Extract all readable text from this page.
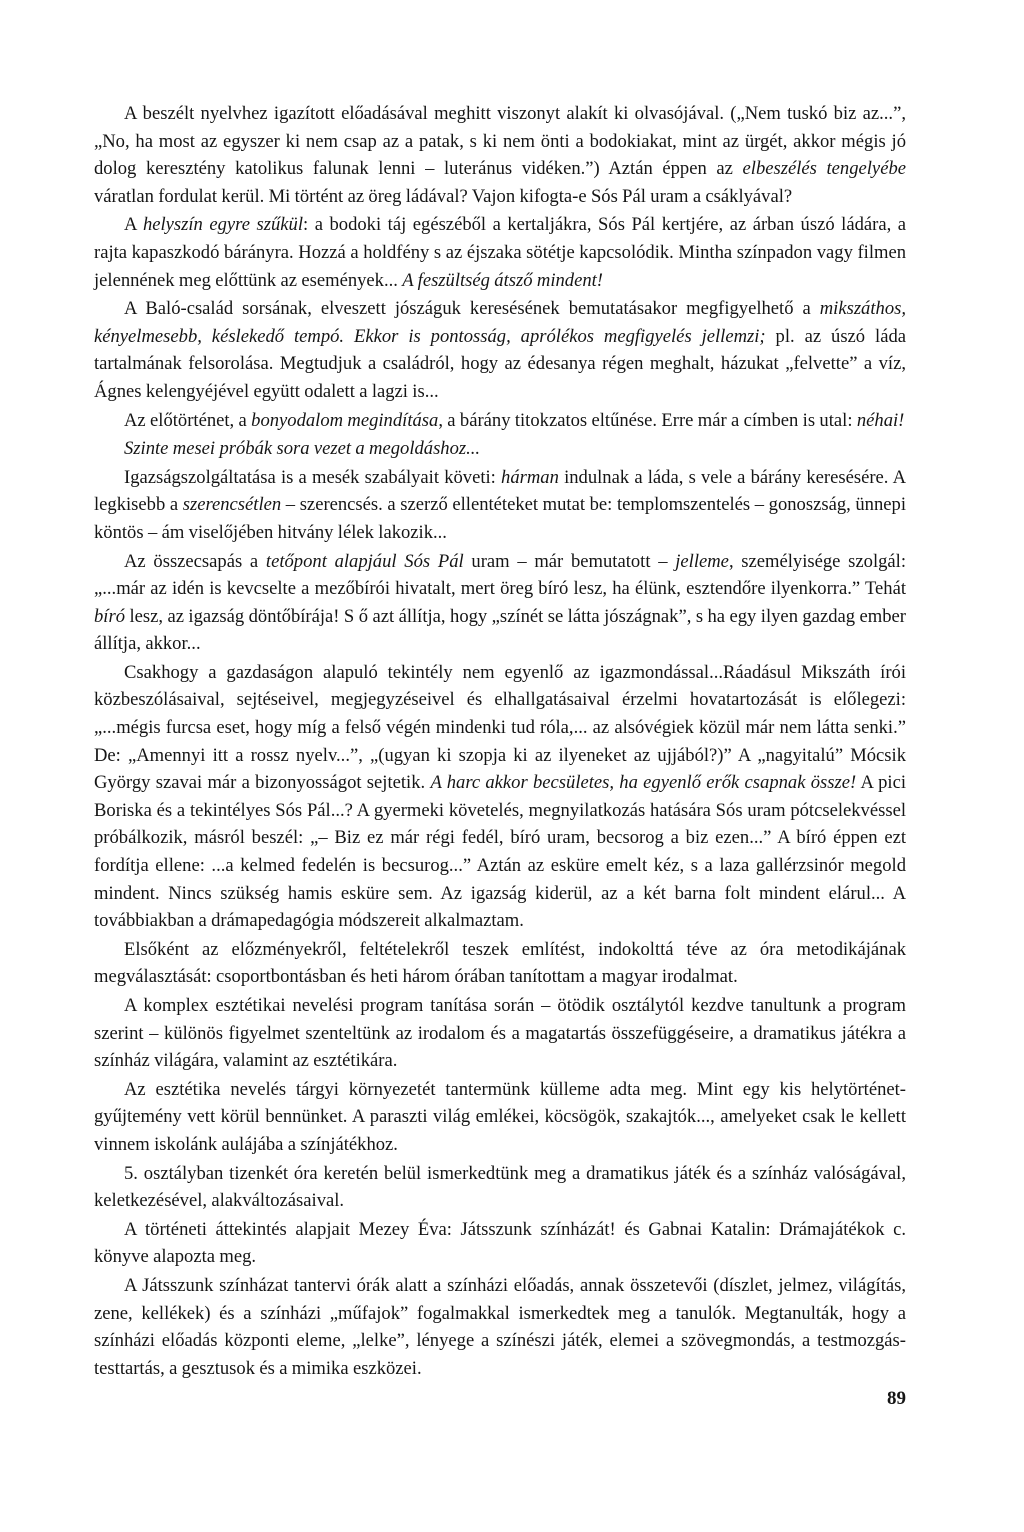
A beszélt nyelvhez igazított előadásával meghitt viszonyt alakít ki olvasójával. („Nem tuskó biz az...”, „No, ha most az egyszer ki nem csap az a patak, s ki nem önti a bodokiakat, mint az ürgét, akkor mégis jó dolog keresztény katolikus falunak lenni – luteránus vidéken.”) Aztán éppen az elbeszélés tengelyébe váratlan fordulat kerül. Mi történt az öreg ládával? Vajon kifogta-e Sós Pál uram a csáklyával?

A helyszín egyre szűkül: a bodoki táj egészéből a kertaljákra, Sós Pál kertjére, az árban úszó ládára, a rajta kapaszkodó bárányra. Hozzá a holdfény s az éjszaka sötétje kapcsolódik. Mintha színpadon vagy filmen jelennének meg előttünk az események... A feszültség átsző mindent!

A Baló-család sorsának, elveszett jószáguk keresésének bemutatásakor megfigyelhető a mikszáthos, kényelmesebb, késlekedő tempó. Ekkor is pontosság, aprólékos megfigyelés jellemzi; pl. az úszó láda tartalmának felsorolása. Megtudjuk a családról, hogy az édesanya régen meghalt, házukat „felvette” a víz, Ágnes kelengyéjével együtt odalett a lagzi is...

Az előtörténet, a bonyodalom megindítása, a bárány titokzatos eltűnése. Erre már a címben is utal: néhai!

Szinte mesei próbák sora vezet a megoldáshoz...

Igazságszolgáltatása is a mesék szabályait követi: hárman indulnak a láda, s vele a bárány keresésére. A legkisebb a szerencsétlen – szerencsés. a szerző ellentéteket mutat be: templomszentelés – gonoszság, ünnepi köntös – ám viselőjében hitvány lélek lakozik...

Az összecsapás a tetőpont alapjául Sós Pál uram – már bemutatott – jelleme, személyisége szolgál: „...már az idén is kevcselte a mezőbírói hivatalt, mert öreg bíró lesz, ha élünk, esztendőre ilyenkorra.” Tehát bíró lesz, az igazság döntőbírája! S ő azt állítja, hogy „színét se látta jószágnak”, s ha egy ilyen gazdag ember állítja, akkor...

Csakhogy a gazdaságon alapuló tekintély nem egyenlő az igazmondással...Ráadásul Mikszáth írói közbeszólásaival, sejtéseivel, megjegyzéseivel és elhallgatásaival érzelmi hovatartozását is előlegezi: „...mégis furcsa eset, hogy míg a felső végén mindenki tud róla,... az alsóvégiek közül már nem látta senki.” De: „Amennyi itt a rossz nyelv...”, „(ugyan ki szopja ki az ilyeneket az ujjából?)” A „nagyitalú” Mócsik György szavai már a bizonyosságot sejtetik. A harc akkor becsületes, ha egyenlő erők csapnak össze! A pici Boriska és a tekintélyes Sós Pál...? A gyermeki követelés, megnyilatkozás hatására Sós uram pótcselekvéssel próbálkozik, másról beszél: „– Biz ez már régi fedél, bíró uram, becsorog a biz ezen...” A bíró éppen ezt fordítja ellene: ...a kelmed fedelén is becsurog...” Aztán az esküre emelt kéz, s a laza gallérzsinór megold mindent. Nincs szükség hamis esküre sem. Az igazság kiderül, az a két barna folt mindent elárul... A továbbiakban a drámapedagógia módszereit alkalmaztam.

Elsőként az előzményekről, feltételekről teszek említést, indokolttá téve az óra metodikájának megválasztását: csoportbontásban és heti három órában tanítottam a magyar irodalmat.

A komplex esztétikai nevelési program tanítása során – ötödik osztálytól kezdve tanultunk a program szerint – különös figyelmet szenteltünk az irodalom és a magatartás összefüggéseire, a dramatikus játékra a színház világára, valamint az esztétikára.

Az esztétika nevelés tárgyi környezetét tantermünk külleme adta meg. Mint egy kis helytörténet-gyűjtemény vett körül bennünket. A paraszti világ emlékei, köcsögök, szakajtók..., amelyeket csak le kellett vinnem iskolánk aulájába a színjátékhoz.

5. osztályban tizenkét óra keretén belül ismerkedtünk meg a dramatikus játék és a színház valóságával, keletkezésével, alakváltozásaival.

A történeti áttekintés alapjait Mezey Éva: Játsszunk színházát! és Gabnai Katalin: Drámajátékok c. könyve alapozta meg.

A Játsszunk színházat tantervi órák alatt a színházi előadás, annak összetevői (díszlet, jelmez, világítás, zene, kellékek) és a színházi „műfajok” fogalmakkal ismerkedtek meg a tanulók. Megtanulták, hogy a színházi előadás központi eleme, „lelke”, lényege a színészi játék, elemei a szövegmondás, a testmozgás-testtartás, a gesztusok és a mimika eszközei.

89
